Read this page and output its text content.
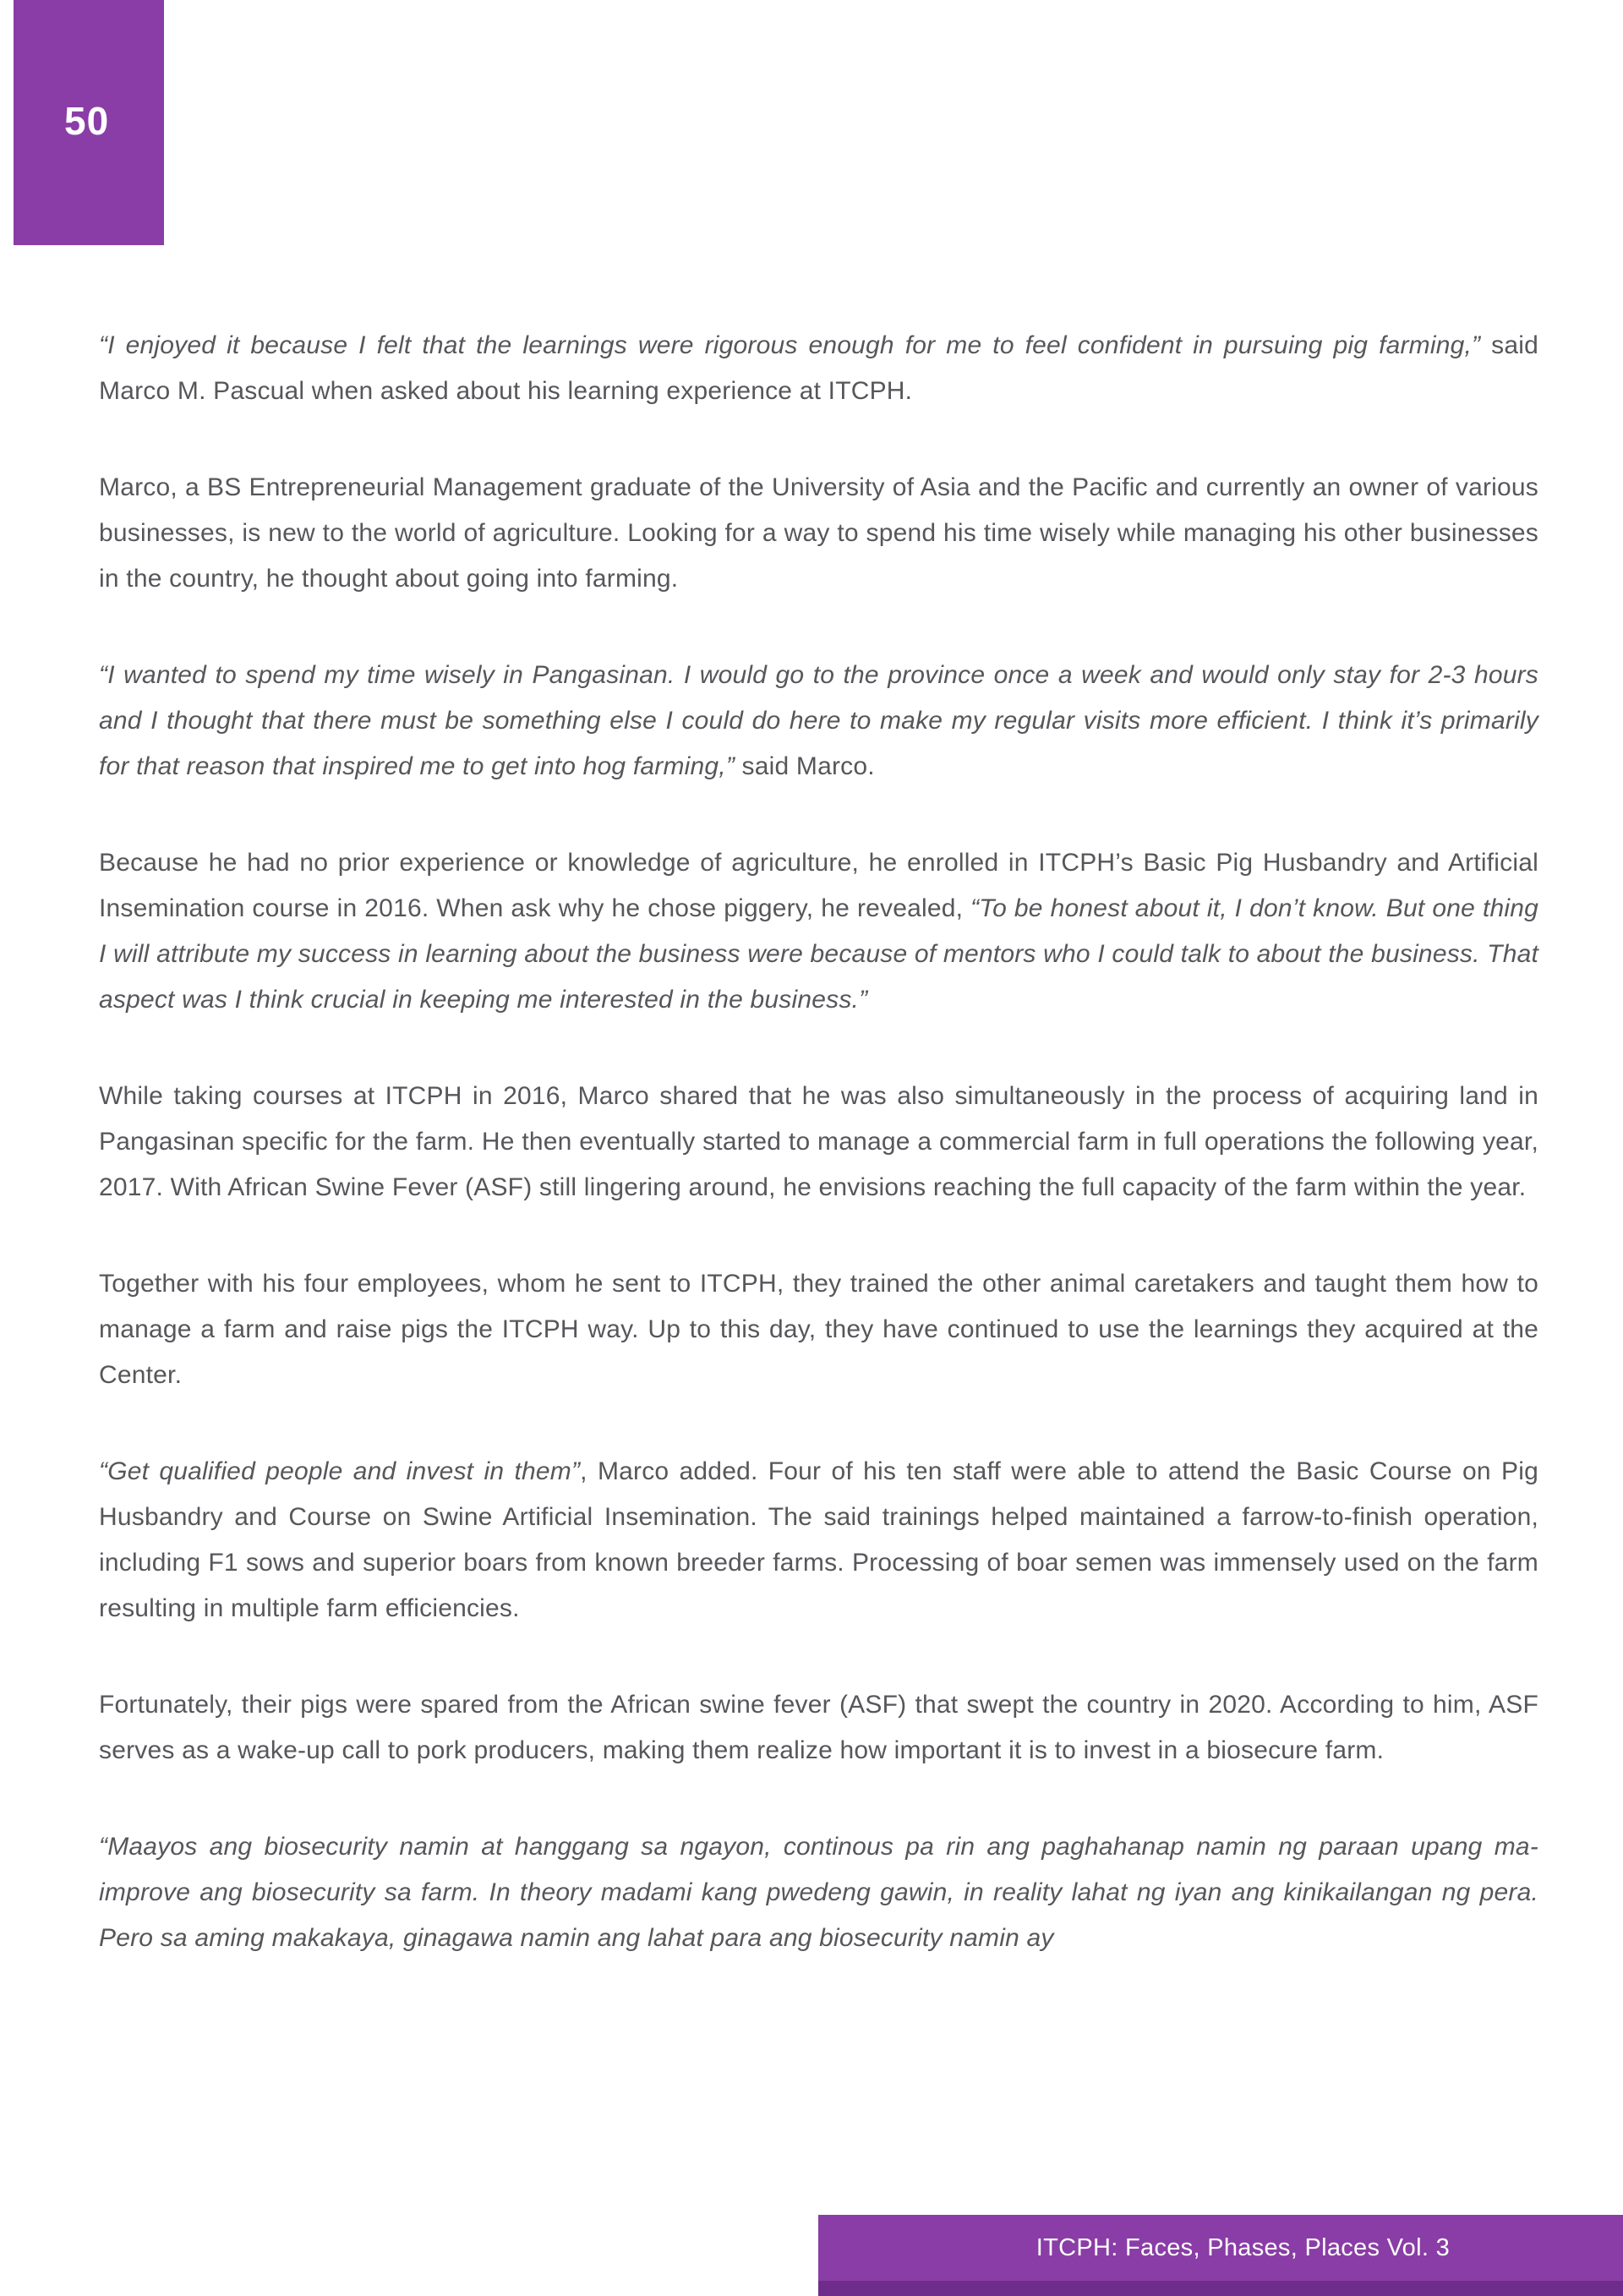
50

“I enjoyed it because I felt that the learnings were rigorous enough for me to feel confident in pursuing pig farming,” said Marco M. Pascual when asked about his learning experience at ITCPH.

Marco, a BS Entrepreneurial Management graduate of the University of Asia and the Pacific and currently an owner of various businesses, is new to the world of agriculture. Looking for a way to spend his time wisely while managing his other businesses in the country, he thought about going into farming.

“I wanted to spend my time wisely in Pangasinan. I would go to the province once a week and would only stay for 2-3 hours and I thought that there must be something else I could do here to make my regular visits more efficient. I think it’s primarily for that reason that inspired me to get into hog farming,” said Marco.

Because he had no prior experience or knowledge of agriculture, he enrolled in ITCPH’s Basic Pig Husbandry and Artificial Insemination course in 2016. When ask why he chose piggery, he revealed, “To be honest about it, I don’t know. But one thing I will attribute my success in learning about the business were because of mentors who I could talk to about the business. That aspect was I think crucial in keeping me interested in the business.”

While taking courses at ITCPH in 2016, Marco shared that he was also simultaneously in the process of acquiring land in Pangasinan specific for the farm. He then eventually started to manage a commercial farm in full operations the following year, 2017. With African Swine Fever (ASF) still lingering around, he envisions reaching the full capacity of the farm within the year.

Together with his four employees, whom he sent to ITCPH, they trained the other animal caretakers and taught them how to manage a farm and raise pigs the ITCPH way. Up to this day, they have continued to use the learnings they acquired at the Center.

“Get qualified people and invest in them”, Marco added. Four of his ten staff were able to attend the Basic Course on Pig Husbandry and Course on Swine Artificial Insemination. The said trainings helped maintained a farrow-to-finish operation, including F1 sows and superior boars from known breeder farms. Processing of boar semen was immensely used on the farm resulting in multiple farm efficiencies.

Fortunately, their pigs were spared from the African swine fever (ASF) that swept the country in 2020. According to him, ASF serves as a wake-up call to pork producers, making them realize how important it is to invest in a biosecure farm.

“Maayos ang biosecurity namin at hanggang sa ngayon, continous pa rin ang paghahanap namin ng paraan upang ma-improve ang biosecurity sa farm. In theory madami kang pwedeng gawin, in reality lahat ng iyan ang kinikailangan ng pera. Pero sa aming makakaya, ginagawa namin ang lahat para ang biosecurity namin ay

ITCPH: Faces, Phases, Places Vol. 3
